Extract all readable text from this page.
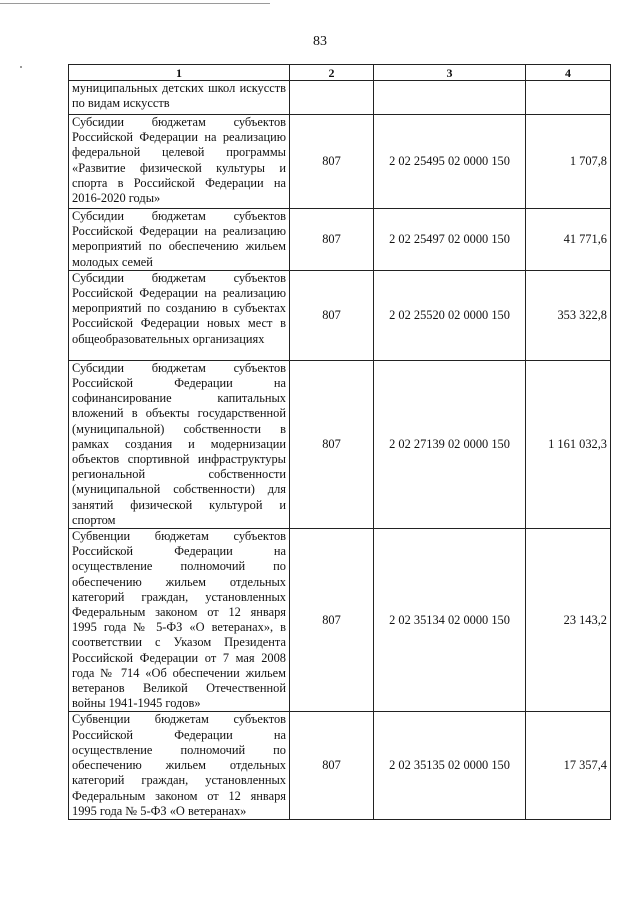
83
1	2	3	4
муниципальных детских школ искусств по видам искусств			
Субсидии бюджетам субъектов Российской Федерации на реализацию федеральной целевой программы «Развитие физической культуры и спорта в Российской Федерации на 2016-2020 годы»	807	2 02 25495 02 0000 150	1 707,8
Субсидии бюджетам субъектов Российской Федерации на реализацию мероприятий по обеспечению жильем молодых семей	807	2 02 25497 02 0000 150	41 771,6
Субсидии бюджетам субъектов Российской Федерации на реализацию мероприятий по созданию в субъектах Российской Федерации новых мест в общеобразовательных организациях	807	2 02 25520 02 0000 150	353 322,8
Субсидии бюджетам субъектов Российской Федерации на софинансирование капитальных вложений в объекты государственной (муниципальной) собственности в рамках создания и модернизации объектов спортивной инфраструктуры региональной собственности (муниципальной собственности) для занятий физической культурой и спортом	807	2 02 27139 02 0000 150	1 161 032,3
Субвенции бюджетам субъектов Российской Федерации на осуществление полномочий по обеспечению жильем отдельных категорий граждан, установленных Федеральным законом от 12 января 1995 года № 5-ФЗ «О ветеранах», в соответствии с Указом Президента Российской Федерации от 7 мая 2008 года № 714 «Об обеспечении жильем ветеранов Великой Отечественной войны 1941-1945 годов»	807	2 02 35134 02 0000 150	23 143,2
Субвенции бюджетам субъектов Российской Федерации на осуществление полномочий по обеспечению жильем отдельных категорий граждан, установленных Федеральным законом от 12 января 1995 года № 5-ФЗ «О ветеранах»	807	2 02 35135 02 0000 150	17 357,4
